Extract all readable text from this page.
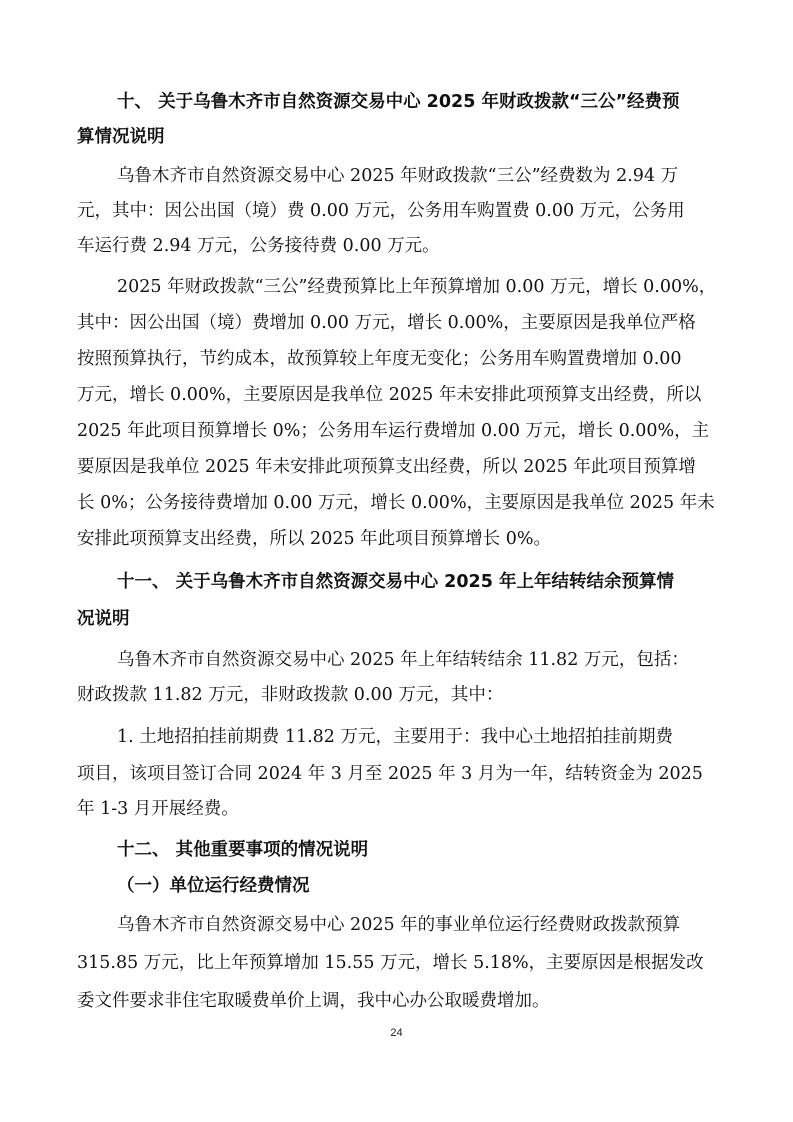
十、 关于乌鲁木齐市自然资源交易中心 2025 年财政拨款“三公”经费预
算情况说明
乌鲁木齐市自然资源交易中心 2025 年财政拨款“三公”经费数为 2.94 万
元，其中：因公出国（境）费 0.00 万元，公务用车购置费 0.00 万元，公务用
车运行费 2.94 万元，公务接待费 0.00 万元。
2025 年财政拨款“三公”经费预算比上年预算增加 0.00 万元，增长 0.00%，
其中：因公出国（境）费增加 0.00 万元，增长 0.00%，主要原因是我单位严格
按照预算执行，节约成本，故预算较上年度无变化；公务用车购置费增加 0.00
万元，增长 0.00%，主要原因是我单位 2025 年未安排此项预算支出经费，所以
2025 年此项目预算增长 0%；公务用车运行费增加 0.00 万元，增长 0.00%，主
要原因是我单位 2025 年未安排此项预算支出经费，所以 2025 年此项目预算增
长 0%；公务接待费增加 0.00 万元，增长 0.00%，主要原因是我单位 2025 年未
安排此项预算支出经费，所以 2025 年此项目预算增长 0%。
十一、 关于乌鲁木齐市自然资源交易中心 2025 年上年结转结余预算情
况说明
乌鲁木齐市自然资源交易中心 2025 年上年结转结余 11.82 万元，包括：
财政拨款 11.82 万元，非财政拨款 0.00 万元，其中：
1. 土地招拍挂前期费 11.82 万元，主要用于：我中心土地招拍挂前期费
项目，该项目签订合同 2024 年 3 月至 2025 年 3 月为一年，结转资金为 2025
年 1-3 月开展经费。
十二、 其他重要事项的情况说明
（一）单位运行经费情况
乌鲁木齐市自然资源交易中心 2025 年的事业单位运行经费财政拨款预算
315.85 万元，比上年预算增加 15.55 万元，增长 5.18%，主要原因是根据发改
委文件要求非住宅取暖费单价上调，我中心办公取暖费增加。
24
